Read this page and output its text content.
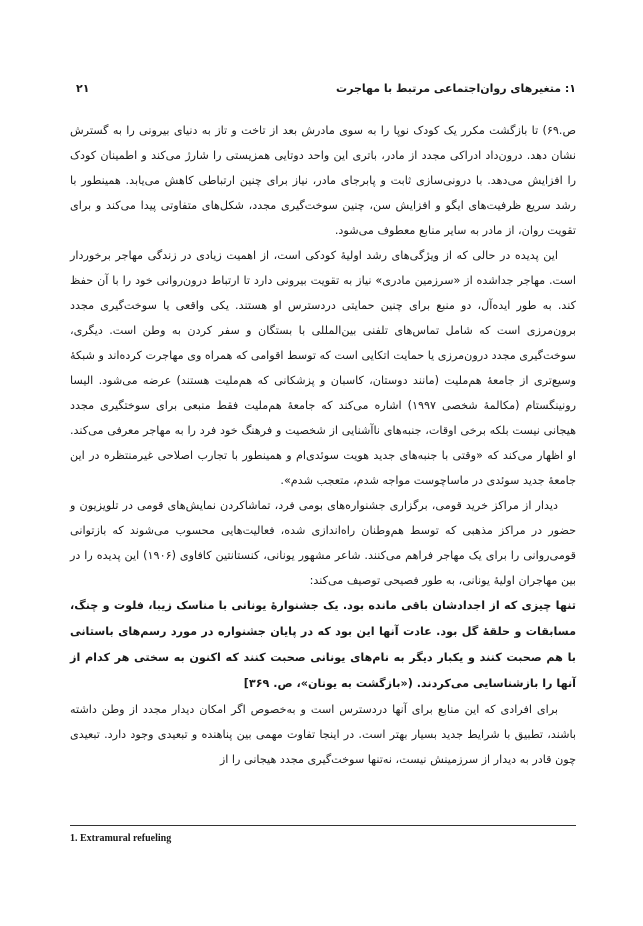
۲۱	۱: متغیرهای روان‌اجتماعی مرتبط با مهاجرت

ص.۶۹) تا بازگشت مکرر یک کودک نوپا را به سوی مادرش بعد از تاخت و تاز به دنیای بیرونی را به گسترش نشان دهد. درون‌داد ادراکی مجدد از مادر، باتری این واحد دوتایی همزیستی را شارژ می‌کند و اطمینان کودک را افزایش می‌دهد. با درونی‌سازی ثابت و پابرجای مادر، نیاز برای چنین ارتباطی کاهش می‌یابد. همینطور با رشد سریع ظرفیت‌های ایگو و افزایش سن، چنین سوخت‌گیری مجدد، شکل‌های متفاوتی پیدا می‌کند و برای تقویت روان، از مادر به سایر منابع معطوف می‌شود.

این پدیده در حالی که از ویژگی‌های رشد اولیهٔ کودکی است، از اهمیت زیادی در زندگی مهاجر برخوردار است. مهاجر جداشده از «سرزمین مادری» نیاز به تقویت بیرونی دارد تا ارتباط درون‌روانی خود را با آن حفظ کند. به طور ایده‌آل، دو منبع برای چنین حمایتی دردسترس او هستند. یکی واقعی یا سوخت‌گیری مجدد برون‌مرزی است که شامل تماس‌های تلفنی بین‌المللی با بستگان و سفر کردن به وطن است. دیگری، سوخت‌گیری مجدد درون‌مرزی یا حمایت اتکایی است که توسط اقوامی که همراه وی مهاجرت کرده‌اند و شبکهٔ وسیع‌تری از جامعهٔ هم‌ملیت (مانند دوستان، کاسبان و پزشکانی که هم‌ملیت هستند) عرضه می‌شود. الیسا رونینگستام (مکالمهٔ شخصی ۱۹۹۷) اشاره می‌کند که جامعهٔ هم‌ملیت فقط منبعی برای سوختگیری مجدد هیجانی نیست بلکه برخی اوقات، جنبه‌های ناآشنایی از شخصیت و فرهنگ خود فرد را به مهاجر معرفی می‌کند. او اظهار می‌کند که «وقتی با جنبه‌های جدید هویت سوئدی‌ام و همینطور با تجارب اصلاحی غیرمنتظره در این جامعهٔ جدید سوئدی در ماساچوست مواجه شدم، متعجب شدم».

دیدار از مراکز خرید قومی، برگزاری جشنواره‌های بومی فرد، تماشاکردن نمایش‌های قومی در تلویزیون و حضور در مراکز مذهبی که توسط هم‌وطنان راه‌اندازی شده، فعالیت‌هایی محسوب می‌شوند که بازتوانی قومی‌روانی را برای یک مهاجر فراهم می‌کنند. شاعر مشهور یونانی، کنستانتین کافاوی (۱۹۰۶) این پدیده را در بین مهاجران اولیهٔ یونانی، به طور فصیحی توصیف می‌کند:

تنها چیزی که از اجدادشان باقی مانده بود. یک جشنوارهٔ یونانی با مناسک زیبا، فلوت و چنگ، مسابقات و حلقهٔ گل بود. عادت آنها این بود که در پایان جشنواره در مورد رسم‌های باستانی با هم صحبت کنند و یکبار دیگر به نام‌های یونانی صحبت کنند که اکنون به سختی هر کدام از آنها را بازشناسایی می‌کردند. («بازگشت به یونان»، ص. ۳۶۹]

برای افرادی که این منابع برای آنها دردسترس است و به‌خصوص اگر امکان دیدار مجدد از وطن داشته باشند، تطبیق با شرایط جدید بسیار بهتر است. در اینجا تفاوت مهمی بین پناهنده و تبعیدی وجود دارد. تبعیدی چون قادر به دیدار از سرزمینش نیست، نه‌تنها سوخت‌گیری مجدد هیجانی را از

1. Extramural refueling
